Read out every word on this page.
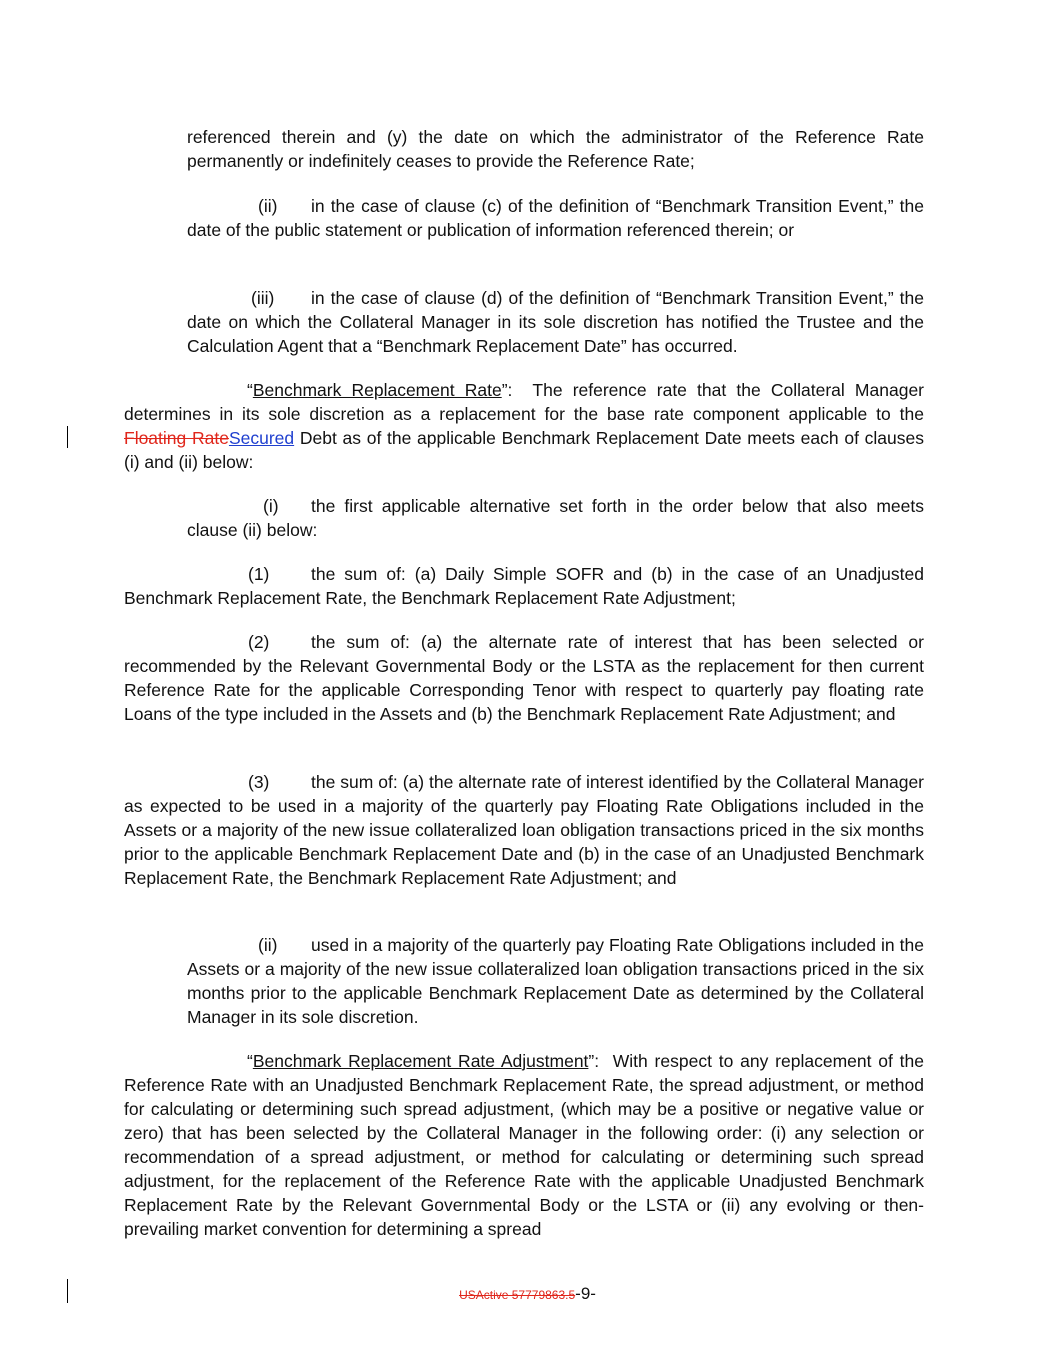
referenced therein and (y) the date on which the administrator of the Reference Rate permanently or indefinitely ceases to provide the Reference Rate;

(ii) in the case of clause (c) of the definition of “Benchmark Transition Event,” the date of the public statement or publication of information referenced therein; or

(iii) in the case of clause (d) of the definition of “Benchmark Transition Event,” the date on which the Collateral Manager in its sole discretion has notified the Trustee and the Calculation Agent that a “Benchmark Replacement Date” has occurred.

“Benchmark Replacement Rate”: The reference rate that the Collateral Manager determines in its sole discretion as a replacement for the base rate component applicable to the Floating RateSecured Debt as of the applicable Benchmark Replacement Date meets each of clauses (i) and (ii) below:

(i) the first applicable alternative set forth in the order below that also meets clause (ii) below:

(1) the sum of: (a) Daily Simple SOFR and (b) in the case of an Unadjusted Benchmark Replacement Rate, the Benchmark Replacement Rate Adjustment;

(2) the sum of: (a) the alternate rate of interest that has been selected or recommended by the Relevant Governmental Body or the LSTA as the replacement for then current Reference Rate for the applicable Corresponding Tenor with respect to quarterly pay floating rate Loans of the type included in the Assets and (b) the Benchmark Replacement Rate Adjustment; and

(3) the sum of: (a) the alternate rate of interest identified by the Collateral Manager as expected to be used in a majority of the quarterly pay Floating Rate Obligations included in the Assets or a majority of the new issue collateralized loan obligation transactions priced in the six months prior to the applicable Benchmark Replacement Date and (b) in the case of an Unadjusted Benchmark Replacement Rate, the Benchmark Replacement Rate Adjustment; and

(ii) used in a majority of the quarterly pay Floating Rate Obligations included in the Assets or a majority of the new issue collateralized loan obligation transactions priced in the six months prior to the applicable Benchmark Replacement Date as determined by the Collateral Manager in its sole discretion.

“Benchmark Replacement Rate Adjustment”: With respect to any replacement of the Reference Rate with an Unadjusted Benchmark Replacement Rate, the spread adjustment, or method for calculating or determining such spread adjustment, (which may be a positive or negative value or zero) that has been selected by the Collateral Manager in the following order: (i) any selection or recommendation of a spread adjustment, or method for calculating or determining such spread adjustment, for the replacement of the Reference Rate with the applicable Unadjusted Benchmark Replacement Rate by the Relevant Governmental Body or the LSTA or (ii) any evolving or then-prevailing market convention for determining a spread

USActive 57779863.5-9-
